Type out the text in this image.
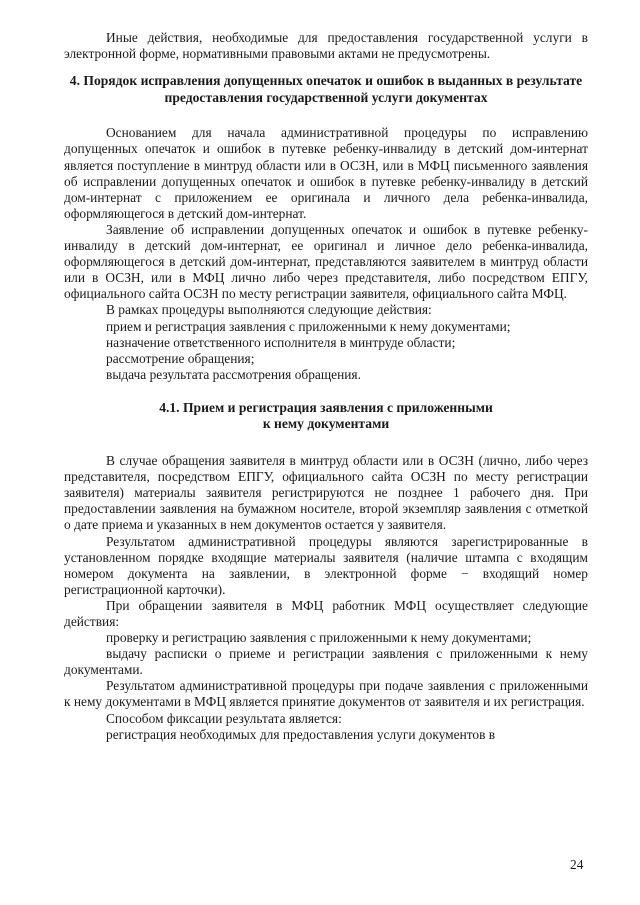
Иные действия, необходимые для предоставления государственной услуги в электронной форме, нормативными правовыми актами не предусмотрены.

4. Порядок исправления допущенных опечаток и ошибок в выданных в результате предоставления государственной услуги документах

Основанием для начала административной процедуры по исправлению допущенных опечаток и ошибок в путевке ребенку-инвалиду в детский дом-интернат является поступление в минтруд области или в ОСЗН, или в МФЦ письменного заявления об исправлении допущенных опечаток и ошибок в путевке ребенку-инвалиду в детский дом-интернат с приложением ее оригинала и личного дела ребенка-инвалида, оформляющегося в детский дом-интернат.

Заявление об исправлении допущенных опечаток и ошибок в путевке ребенку-инвалиду в детский дом-интернат, ее оригинал и личное дело ребенка-инвалида, оформляющегося в детский дом-интернат, представляются заявителем в минтруд области или в ОСЗН, или в МФЦ лично либо через представителя, либо посредством ЕПГУ, официального сайта ОСЗН по месту регистрации заявителя, официального сайта МФЦ.

В рамках процедуры выполняются следующие действия:

прием и регистрация заявления с приложенными к нему документами;

назначение ответственного исполнителя в минтруде области;

рассмотрение обращения;

выдача результата рассмотрения обращения.

4.1. Прием и регистрация заявления с приложенными
к нему документами

В случае обращения заявителя в минтруд области или в ОСЗН (лично, либо через представителя, посредством ЕПГУ, официального сайта ОСЗН по месту регистрации заявителя) материалы заявителя регистрируются не позднее 1 рабочего дня. При предоставлении заявления на бумажном носителе, второй экземпляр заявления с отметкой о дате приема и указанных в нем документов остается у заявителя.

Результатом административной процедуры являются зарегистрированные в установленном порядке входящие материалы заявителя (наличие штампа с входящим номером документа на заявлении, в электронной форме − входящий номер регистрационной карточки).

При обращении заявителя в МФЦ работник МФЦ осуществляет следующие действия:

проверку и регистрацию заявления с приложенными к нему документами;

выдачу расписки о приеме и регистрации заявления с приложенными к нему документами.

Результатом административной процедуры при подаче заявления с приложенными к нему документами в МФЦ является принятие документов от заявителя и их регистрация.

Способом фиксации результата является:

регистрация необходимых для предоставления услуги документов в

24
